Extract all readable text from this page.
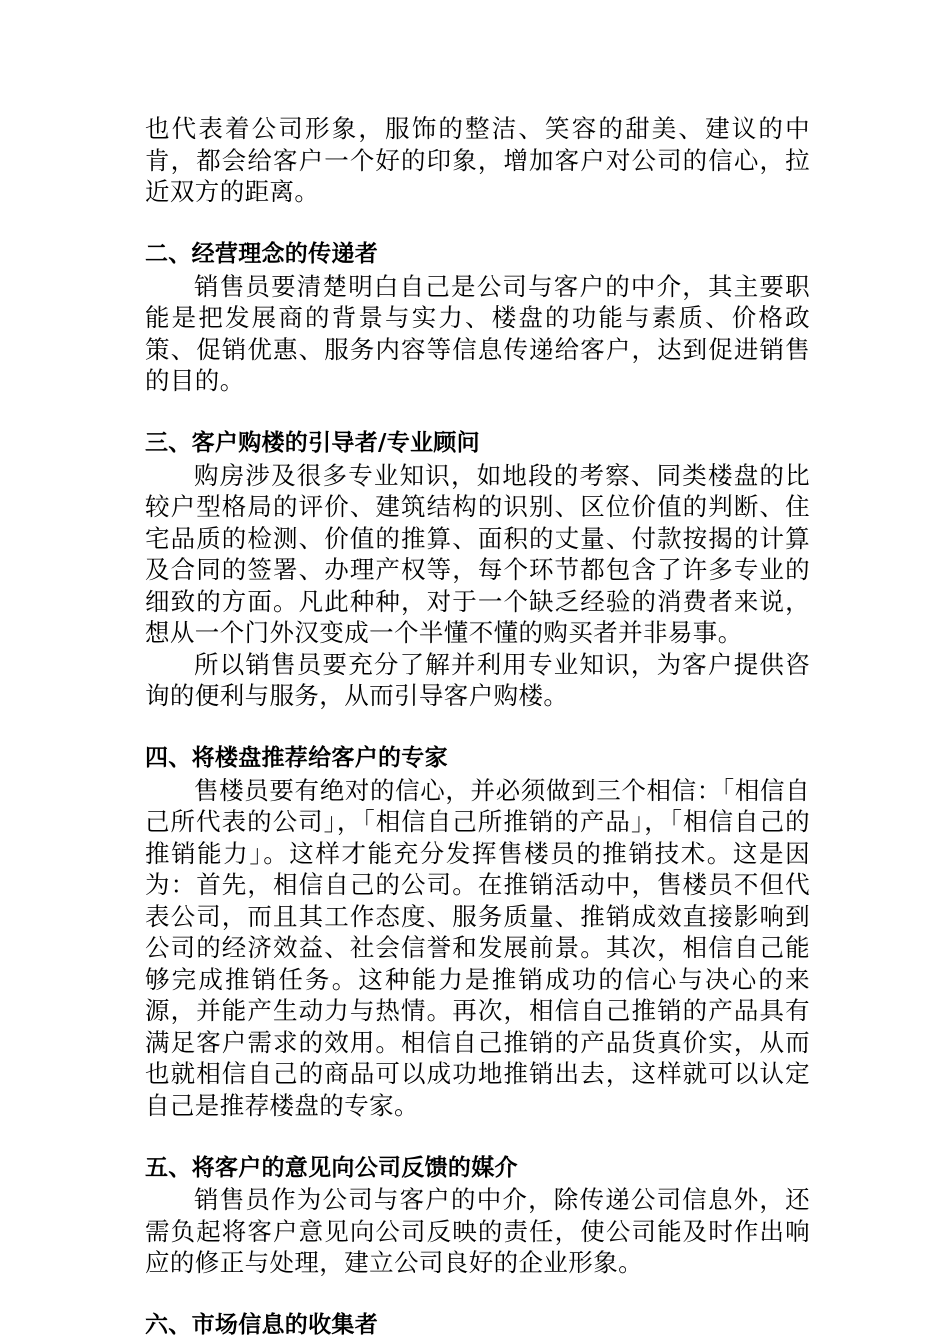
也代表着公司形象，服饰的整洁、笑容的甜美、建议的中肯，都会给客户一个好的印象，增加客户对公司的信心，拉近双方的距离。

二、经营理念的传递者

销售员要清楚明白自己是公司与客户的中介，其主要职能是把发展商的背景与实力、楼盘的功能与素质、价格政策、促销优惠、服务内容等信息传递给客户，达到促进销售的目的。

三、客户购楼的引导者/专业顾问

购房涉及很多专业知识，如地段的考察、同类楼盘的比较户型格局的评价、建筑结构的识别、区位价值的判断、住宅品质的检测、价值的推算、面积的丈量、付款按揭的计算及合同的签署、办理产权等，每个环节都包含了许多专业的细致的方面。凡此种种，对于一个缺乏经验的消费者来说，想从一个门外汉变成一个半懂不懂的购买者并非易事。

所以销售员要充分了解并利用专业知识，为客户提供咨询的便利与服务，从而引导客户购楼。

四、将楼盘推荐给客户的专家

售楼员要有绝对的信心，并必须做到三个相信：「相信自己所代表的公司」，「相信自己所推销的产品」，「相信自己的推销能力」。这样才能充分发挥售楼员的推销技术。这是因为：首先，相信自己的公司。在推销活动中，售楼员不但代表公司，而且其工作态度、服务质量、推销成效直接影响到公司的经济效益、社会信誉和发展前景。其次，相信自己能够完成推销任务。这种能力是推销成功的信心与决心的来源，并能产生动力与热情。再次，相信自己推销的产品具有满足客户需求的效用。相信自己推销的产品货真价实，从而也就相信自己的商品可以成功地推销出去，这样就可以认定自己是推荐楼盘的专家。

五、将客户的意见向公司反馈的媒介

销售员作为公司与客户的中介，除传递公司信息外，还需负起将客户意见向公司反映的责任，使公司能及时作出响应的修正与处理，建立公司良好的企业形象。

六、市场信息的收集者
